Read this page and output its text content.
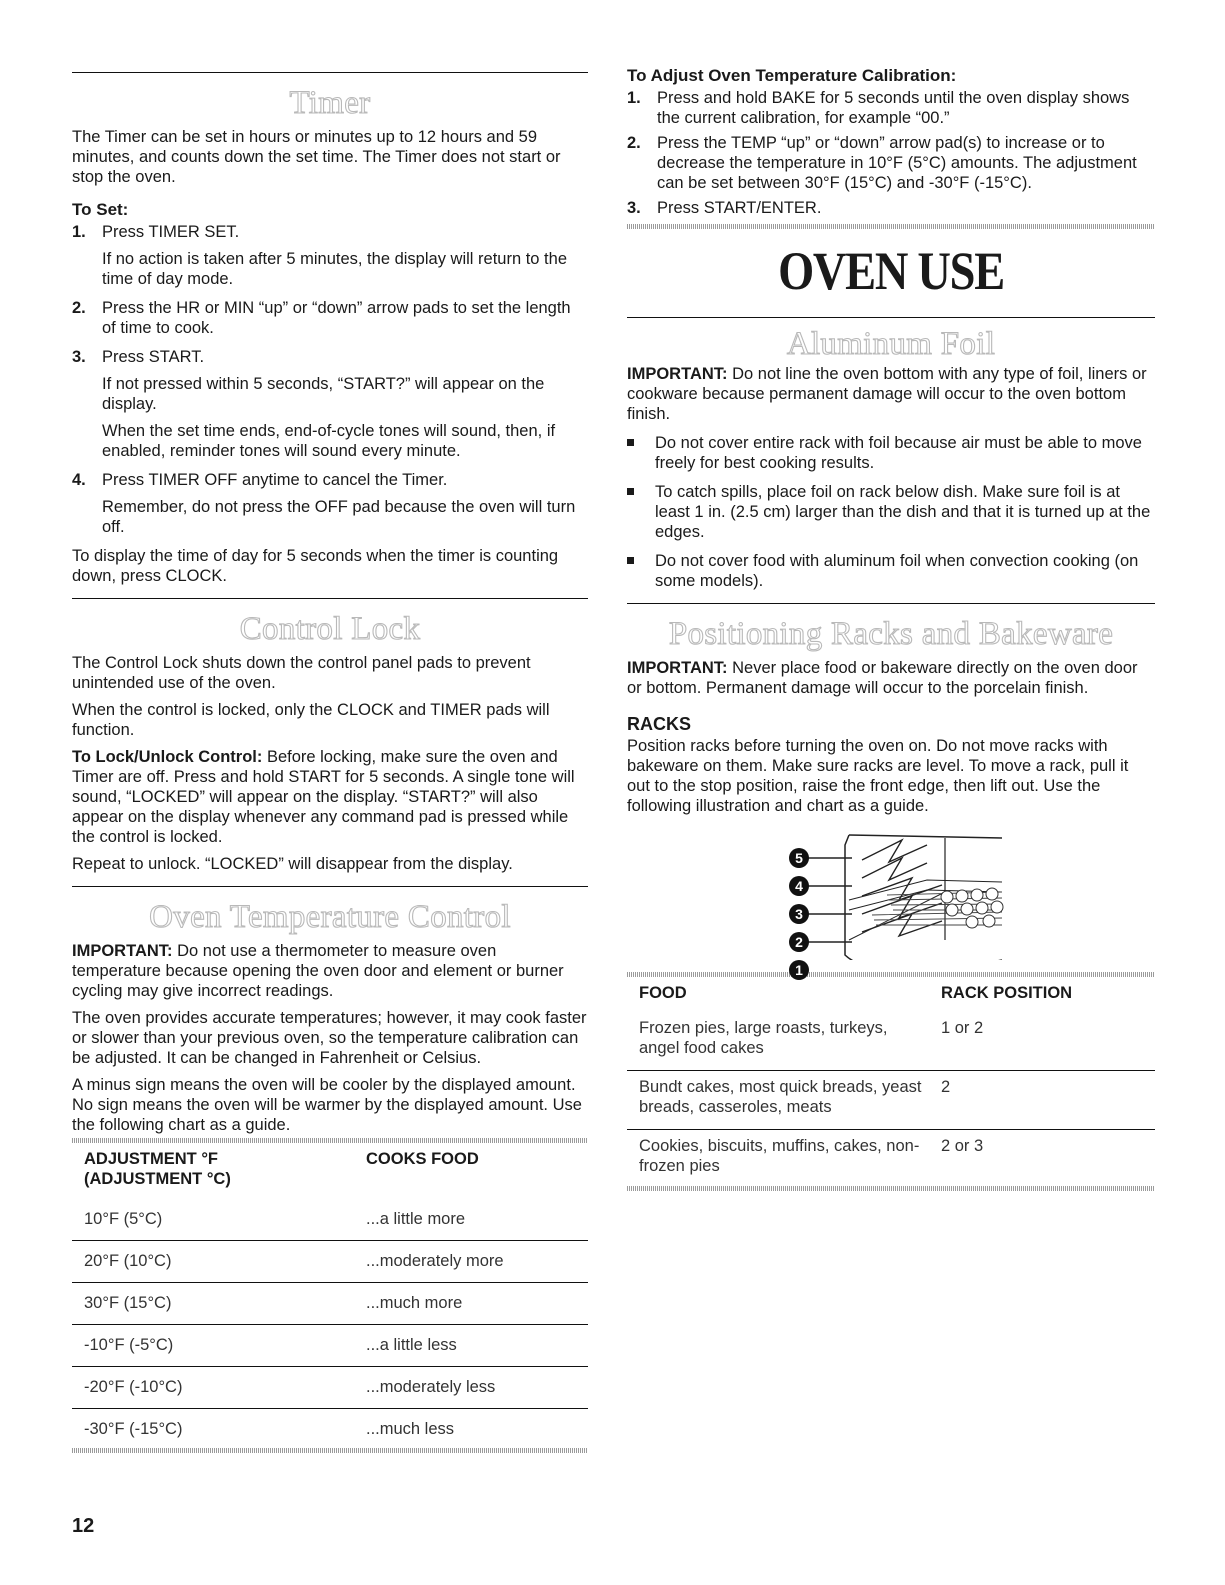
Timer

The Timer can be set in hours or minutes up to 12 hours and 59 minutes, and counts down the set time. The Timer does not start or stop the oven.

To Set:

1. Press TIMER SET.

If no action is taken after 5 minutes, the display will return to the time of day mode.

2. Press the HR or MIN “up” or “down” arrow pads to set the length of time to cook.
3. Press START.

If not pressed within 5 seconds, “START?” will appear on the display.

When the set time ends, end-of-cycle tones will sound, then, if enabled, reminder tones will sound every minute.

4. Press TIMER OFF anytime to cancel the Timer.

Remember, do not press the OFF pad because the oven will turn off.

To display the time of day for 5 seconds when the timer is counting down, press CLOCK.

Control Lock

The Control Lock shuts down the control panel pads to prevent unintended use of the oven.

When the control is locked, only the CLOCK and TIMER pads will function.

To Lock/Unlock Control: Before locking, make sure the oven and Timer are off. Press and hold START for 5 seconds. A single tone will sound, “LOCKED” will appear on the display. “START?” will also appear on the display whenever any command pad is pressed while the control is locked.

Repeat to unlock. “LOCKED” will disappear from the display.

Oven Temperature Control

IMPORTANT: Do not use a thermometer to measure oven temperature because opening the oven door and element or burner cycling may give incorrect readings.

The oven provides accurate temperatures; however, it may cook faster or slower than your previous oven, so the temperature calibration can be adjusted. It can be changed in Fahrenheit or Celsius.

A minus sign means the oven will be cooler by the displayed amount. No sign means the oven will be warmer by the displayed amount. Use the following chart as a guide.

ADJUSTMENT °F
(ADJUSTMENT °C)	COOKS FOOD
10°F (5°C)	...a little more
20°F (10°C)	...moderately more
30°F (15°C)	...much more
-10°F (-5°C)	...a little less
-20°F (-10°C)	...moderately less
-30°F (-15°C)	...much less

To Adjust Oven Temperature Calibration:

1. Press and hold BAKE for 5 seconds until the oven display shows the current calibration, for example “00.”
2. Press the TEMP “up” or “down” arrow pad(s) to increase or to decrease the temperature in 10°F (5°C) amounts. The adjustment can be set between 30°F (15°C) and -30°F (-15°C).
3. Press START/ENTER.
OVEN USE
Aluminum Foil

IMPORTANT: Do not line the oven bottom with any type of foil, liners or cookware because permanent damage will occur to the oven bottom finish.

Do not cover entire rack with foil because air must be able to move freely for best cooking results.
To catch spills, place foil on rack below dish. Make sure foil is at least 1 in. (2.5 cm) larger than the dish and that it is turned up at the edges.
Do not cover food with aluminum foil when convection cooking (on some models).
Positioning Racks and Bakeware

IMPORTANT: Never place food or bakeware directly on the oven door or bottom. Permanent damage will occur to the porcelain finish.

RACKS

Position racks before turning the oven on. Do not move racks with bakeware on them. Make sure racks are level. To move a rack, pull it out to the stop position, raise the front edge, then lift out. Use the following illustration and chart as a guide.

5
4
3
2
1
FOOD	RACK POSITION
Frozen pies, large roasts, turkeys, angel food cakes	1 or 2
Bundt cakes, most quick breads, yeast breads, casseroles, meats	2
Cookies, biscuits, muffins, cakes, non-frozen pies	2 or 3
12
